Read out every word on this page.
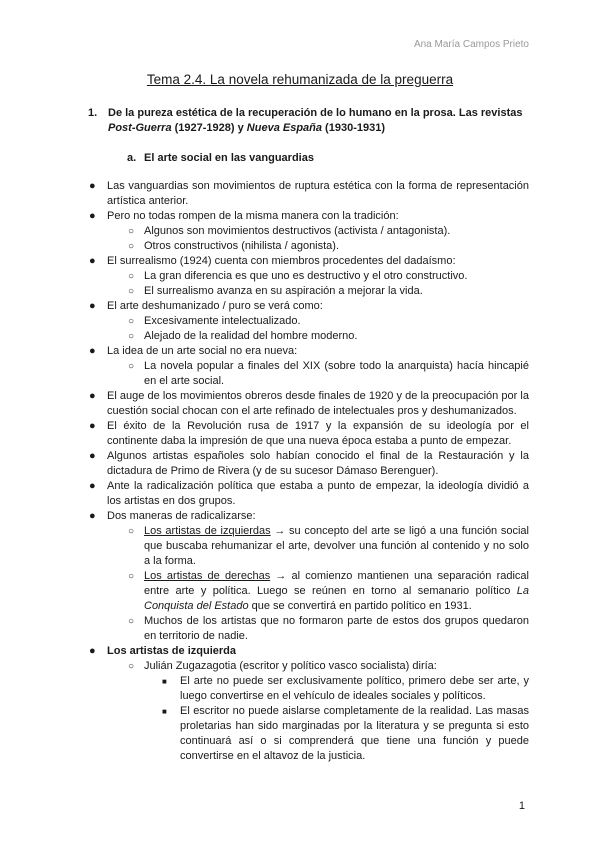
Ana María Campos Prieto
Tema 2.4. La novela rehumanizada de la preguerra
1. De la pureza estética de la recuperación de lo humano en la prosa. Las revistas Post-Guerra (1927-1928) y Nueva España (1930-1931)
a. El arte social en las vanguardias
● Las vanguardias son movimientos de ruptura estética con la forma de representación artística anterior.
● Pero no todas rompen de la misma manera con la tradición:
○ Algunos son movimientos destructivos (activista / antagonista).
○ Otros constructivos (nihilista / agonista).
● El surrealismo (1924) cuenta con miembros procedentes del dadaísmo:
○ La gran diferencia es que uno es destructivo y el otro constructivo.
○ El surrealismo avanza en su aspiración a mejorar la vida.
● El arte deshumanizado / puro se verá como:
○ Excesivamente intelectualizado.
○ Alejado de la realidad del hombre moderno.
● La idea de un arte social no era nueva:
○ La novela popular a finales del XIX (sobre todo la anarquista) hacía hincapié en el arte social.
● El auge de los movimientos obreros desde finales de 1920 y de la preocupación por la cuestión social chocan con el arte refinado de intelectuales pros y deshumanizados.
● El éxito de la Revolución rusa de 1917 y la expansión de su ideología por el continente daba la impresión de que una nueva época estaba a punto de empezar.
● Algunos artistas españoles solo habían conocido el final de la Restauración y la dictadura de Primo de Rivera (y de su sucesor Dámaso Berenguer).
● Ante la radicalización política que estaba a punto de empezar, la ideología dividió a los artistas en dos grupos.
● Dos maneras de radicalizarse:
○ Los artistas de izquierdas → su concepto del arte se ligó a una función social que buscaba rehumanizar el arte, devolver una función al contenido y no solo a la forma.
○ Los artistas de derechas → al comienzo mantienen una separación radical entre arte y política. Luego se reúnen en torno al semanario político La Conquista del Estado que se convertirá en partido político en 1931.
○ Muchos de los artistas que no formaron parte de estos dos grupos quedaron en territorio de nadie.
● Los artistas de izquierda
○ Julián Zugazagotia (escritor y político vasco socialista) diría:
■ El arte no puede ser exclusivamente político, primero debe ser arte, y luego convertirse en el vehículo de ideales sociales y políticos.
■ El escritor no puede aislarse completamente de la realidad. Las masas proletarias han sido marginadas por la literatura y se pregunta si esto continuará así o si comprenderá que tiene una función y puede convertirse en el altavoz de la justicia.
1
